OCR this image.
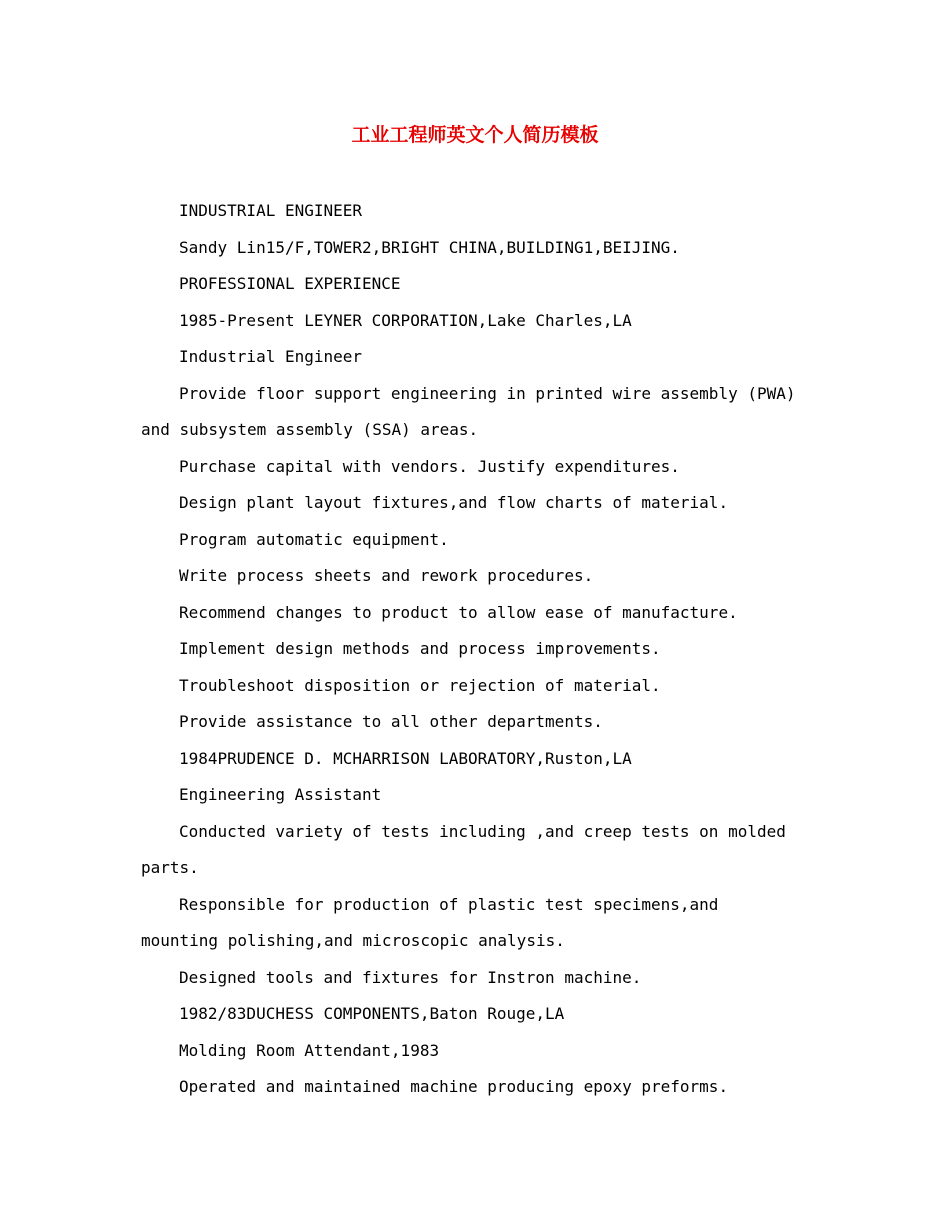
工业工程师英文个人简历模板

INDUSTRIAL ENGINEER

Sandy Lin15/F,TOWER2,BRIGHT CHINA,BUILDING1,BEIJING.

PROFESSIONAL EXPERIENCE

1985-Present LEYNER CORPORATION,Lake Charles,LA

Industrial Engineer

Provide floor support engineering in printed wire assembly (PWA) and subsystem assembly (SSA) areas.

Purchase capital with vendors. Justify expenditures.

Design plant layout fixtures,and flow charts of material.

Program automatic equipment.

Write process sheets and rework procedures.

Recommend changes to product to allow ease of manufacture.

Implement design methods and process improvements.

Troubleshoot disposition or rejection of material.

Provide assistance to all other departments.

1984PRUDENCE D. MCHARRISON LABORATORY,Ruston,LA

Engineering Assistant

Conducted variety of tests including ,and creep tests on molded parts.

Responsible for production of plastic test specimens,and mounting polishing,and microscopic analysis.

Designed tools and fixtures for Instron machine.

1982/83DUCHESS COMPONENTS,Baton Rouge,LA

Molding Room Attendant,1983

Operated and maintained machine producing epoxy preforms.
